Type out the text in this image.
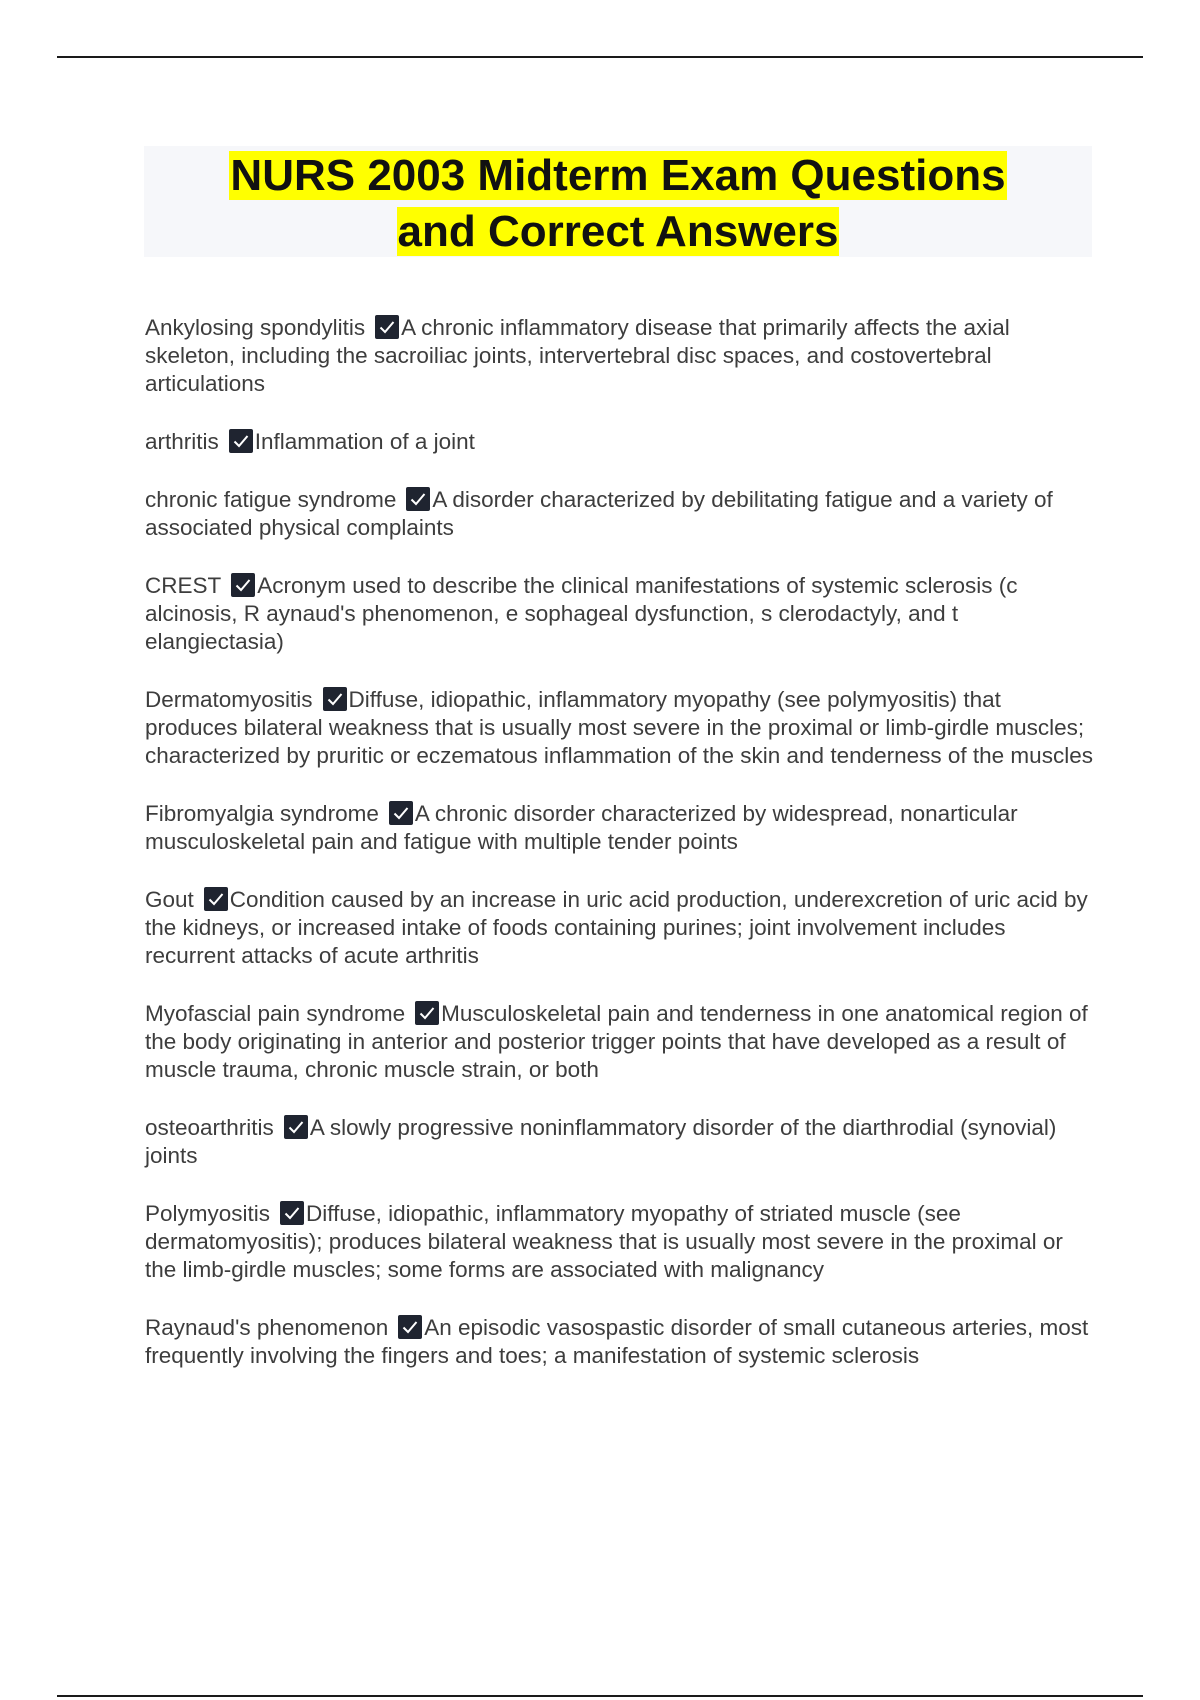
NURS 2003 Midterm Exam Questions
and Correct Answers

Ankylosing spondylitis A chronic inflammatory disease that primarily affects the axial skeleton, including the sacroiliac joints, intervertebral disc spaces, and costovertebral articulations

arthritis Inflammation of a joint

chronic fatigue syndrome A disorder characterized by debilitating fatigue and a variety of associated physical complaints

CREST Acronym used to describe the clinical manifestations of systemic sclerosis (c alcinosis, R aynaud's phenomenon, e sophageal dysfunction, s clerodactyly, and t elangiectasia)

Dermatomyositis Diffuse, idiopathic, inflammatory myopathy (see polymyositis) that produces bilateral weakness that is usually most severe in the proximal or limb-girdle muscles; characterized by pruritic or eczematous inflammation of the skin and tenderness of the muscles

Fibromyalgia syndrome A chronic disorder characterized by widespread, nonarticular musculoskeletal pain and fatigue with multiple tender points

Gout Condition caused by an increase in uric acid production, underexcretion of uric acid by the kidneys, or increased intake of foods containing purines; joint involvement includes recurrent attacks of acute arthritis

Myofascial pain syndrome Musculoskeletal pain and tenderness in one anatomical region of the body originating in anterior and posterior trigger points that have developed as a result of muscle trauma, chronic muscle strain, or both

osteoarthritis A slowly progressive noninflammatory disorder of the diarthrodial (synovial) joints

Polymyositis Diffuse, idiopathic, inflammatory myopathy of striated muscle (see dermatomyositis); produces bilateral weakness that is usually most severe in the proximal or the limb-girdle muscles; some forms are associated with malignancy

Raynaud's phenomenon An episodic vasospastic disorder of small cutaneous arteries, most frequently involving the fingers and toes; a manifestation of systemic sclerosis
